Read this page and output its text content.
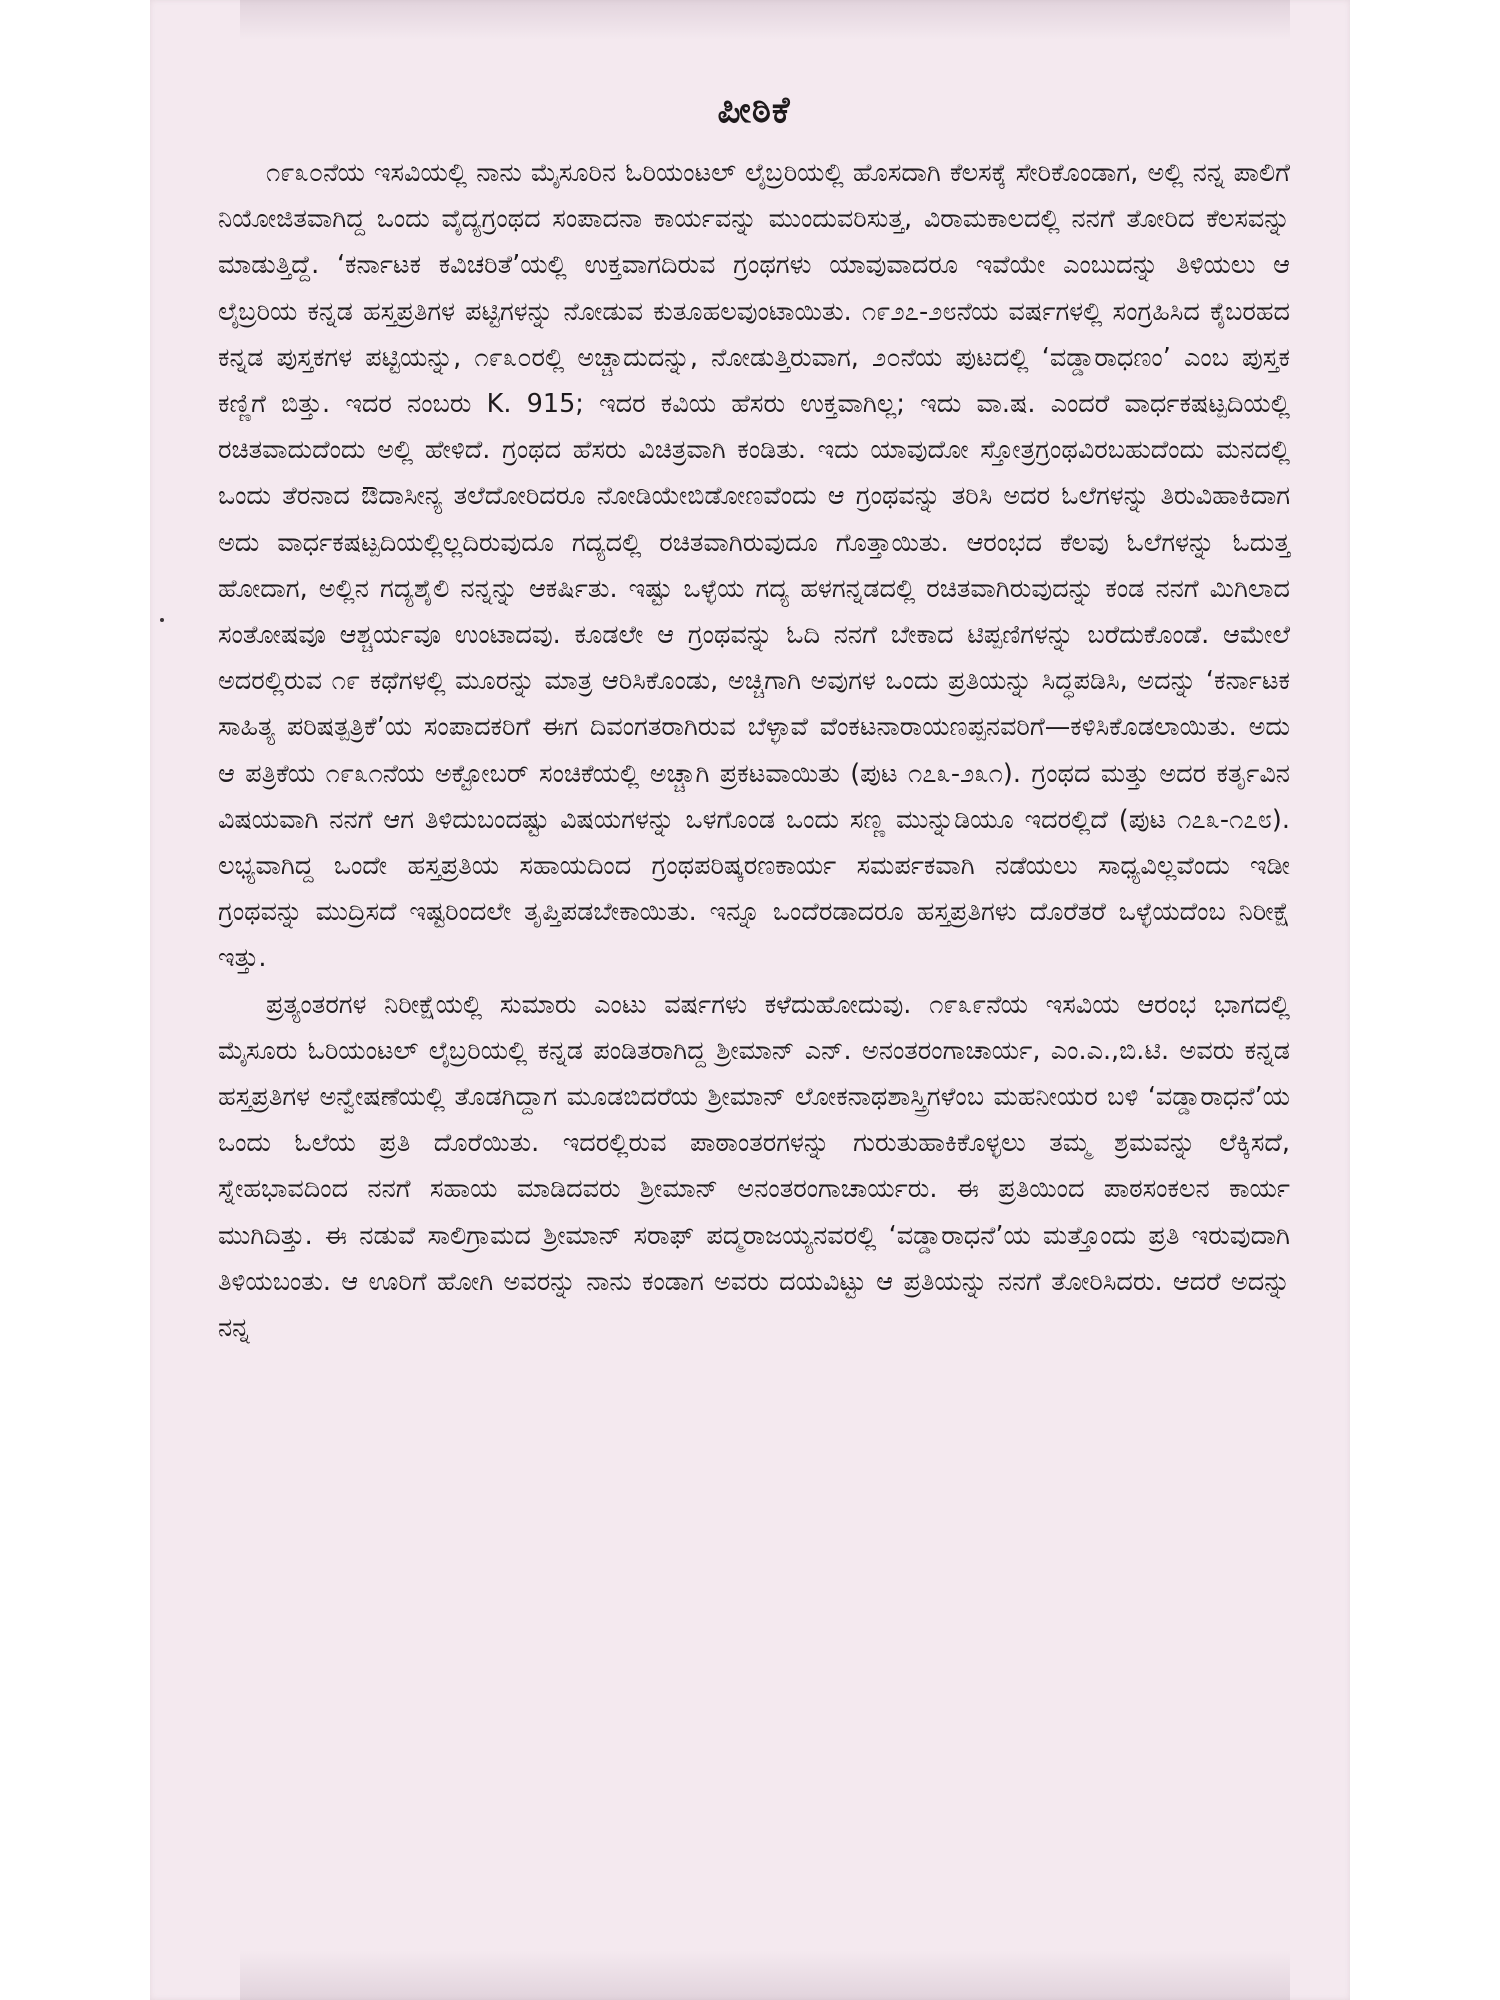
ಪೀಠಿಕೆ

೧೯೩೦ನೆಯ ಇಸವಿಯಲ್ಲಿ ನಾನು ಮೈಸೂರಿನ ಓರಿಯಂಟಲ್ ಲೈಬ್ರರಿಯಲ್ಲಿ ಹೊಸದಾಗಿ ಕೆಲಸಕ್ಕೆ ಸೇರಿಕೊಂಡಾಗ, ಅಲ್ಲಿ ನನ್ನ ಪಾಲಿಗೆ ನಿಯೋಜಿತವಾಗಿದ್ದ ಒಂದು ವೈದ್ಯಗ್ರಂಥದ ಸಂಪಾದನಾ ಕಾರ್ಯವನ್ನು ಮುಂದುವರಿಸುತ್ತ, ವಿರಾಮಕಾಲದಲ್ಲಿ ನನಗೆ ತೋರಿದ ಕೆಲಸವನ್ನು ಮಾಡುತ್ತಿದ್ದೆ. ‘ಕರ್ನಾಟಕ ಕವಿಚರಿತೆ’ಯಲ್ಲಿ ಉಕ್ತವಾಗದಿರುವ ಗ್ರಂಥಗಳು ಯಾವುವಾದರೂ ಇವೆಯೇ ಎಂಬುದನ್ನು ತಿಳಿಯಲು ಆ ಲೈಬ್ರರಿಯ ಕನ್ನಡ ಹಸ್ತಪ್ರತಿಗಳ ಪಟ್ಟಿಗಳನ್ನು ನೋಡುವ ಕುತೂಹಲವುಂಟಾಯಿತು. ೧೯೨೭-೨೮ನೆಯ ವರ್ಷಗಳಲ್ಲಿ ಸಂಗ್ರಹಿಸಿದ ಕೈಬರಹದ ಕನ್ನಡ ಪುಸ್ತಕಗಳ ಪಟ್ಟಿಯನ್ನು, ೧೯೩೦ರಲ್ಲಿ ಅಚ್ಚಾದುದನ್ನು, ನೋಡುತ್ತಿರುವಾಗ, ೨೦ನೆಯ ಪುಟದಲ್ಲಿ ‘ವಡ್ಡಾರಾಧಣಂ’ ಎಂಬ ಪುಸ್ತಕ ಕಣ್ಣಿಗೆ ಬಿತ್ತು. ಇದರ ನಂಬರು K. 915; ಇದರ ಕವಿಯ ಹೆಸರು ಉಕ್ತವಾಗಿಲ್ಲ; ಇದು ವಾ.ಷ. ಎಂದರೆ ವಾರ್ಧಕಷಟ್ಪದಿಯಲ್ಲಿ ರಚಿತವಾದುದೆಂದು ಅಲ್ಲಿ ಹೇಳಿದೆ. ಗ್ರಂಥದ ಹೆಸರು ವಿಚಿತ್ರವಾಗಿ ಕಂಡಿತು. ಇದು ಯಾವುದೋ ಸ್ತೋತ್ರಗ್ರಂಥವಿರಬಹುದೆಂದು ಮನದಲ್ಲಿ ಒಂದು ತೆರನಾದ ಔದಾಸೀನ್ಯ ತಲೆದೋರಿದರೂ ನೋಡಿಯೇಬಿಡೋಣವೆಂದು ಆ ಗ್ರಂಥವನ್ನು ತರಿಸಿ ಅದರ ಓಲೆಗಳನ್ನು ತಿರುವಿಹಾಕಿದಾಗ ಅದು ವಾರ್ಧಕಷಟ್ಪದಿಯಲ್ಲಿಲ್ಲದಿರುವುದೂ ಗದ್ಯದಲ್ಲಿ ರಚಿತವಾಗಿರುವುದೂ ಗೊತ್ತಾಯಿತು. ಆರಂಭದ ಕೆಲವು ಓಲೆಗಳನ್ನು ಓದುತ್ತ ಹೋದಾಗ, ಅಲ್ಲಿನ ಗದ್ಯಶೈಲಿ ನನ್ನನ್ನು ಆಕರ್ಷಿತು. ಇಷ್ಟು ಒಳ್ಳೆಯ ಗದ್ಯ ಹಳಗನ್ನಡದಲ್ಲಿ ರಚಿತವಾಗಿರುವುದನ್ನು ಕಂಡ ನನಗೆ ಮಿಗಿಲಾದ ಸಂತೋಷವೂ ಆಶ್ಚರ್ಯವೂ ಉಂಟಾದವು. ಕೂಡಲೇ ಆ ಗ್ರಂಥವನ್ನು ಓದಿ ನನಗೆ ಬೇಕಾದ ಟಿಪ್ಪಣಿಗಳನ್ನು ಬರೆದುಕೊಂಡೆ. ಆಮೇಲೆ ಅದರಲ್ಲಿರುವ ೧೯ ಕಥೆಗಳಲ್ಲಿ ಮೂರನ್ನು ಮಾತ್ರ ಆರಿಸಿಕೊಂಡು, ಅಚ್ಚಿಗಾಗಿ ಅವುಗಳ ಒಂದು ಪ್ರತಿಯನ್ನು ಸಿದ್ಧಪಡಿಸಿ, ಅದನ್ನು ‘ಕರ್ನಾಟಕ ಸಾಹಿತ್ಯ ಪರಿಷತ್ಪತ್ರಿಕೆ’ಯ ಸಂಪಾದಕರಿಗೆ ಈಗ ದಿವಂಗತರಾಗಿರುವ ಬೆಳ್ಳಾವೆ ವೆಂಕಟನಾರಾಯಣಪ್ಪನವರಿಗೆ—ಕಳಿಸಿಕೊಡಲಾಯಿತು. ಅದು ಆ ಪತ್ರಿಕೆಯ ೧೯೩೧ನೆಯ ಅಕ್ಟೋಬರ್ ಸಂಚಿಕೆಯಲ್ಲಿ ಅಚ್ಚಾಗಿ ಪ್ರಕಟವಾಯಿತು (ಪುಟ ೧೭೩-೨೩೧). ಗ್ರಂಥದ ಮತ್ತು ಅದರ ಕರ್ತೃವಿನ ವಿಷಯವಾಗಿ ನನಗೆ ಆಗ ತಿಳಿದುಬಂದಷ್ಟು ವಿಷಯಗಳನ್ನು ಒಳಗೊಂಡ ಒಂದು ಸಣ್ಣ ಮುನ್ನುಡಿಯೂ ಇದರಲ್ಲಿದೆ (ಪುಟ ೧೭೩-೧೭೮). ಲಭ್ಯವಾಗಿದ್ದ ಒಂದೇ ಹಸ್ತಪ್ರತಿಯ ಸಹಾಯದಿಂದ ಗ್ರಂಥಪರಿಷ್ಕರಣಕಾರ್ಯ ಸಮರ್ಪಕವಾಗಿ ನಡೆಯಲು ಸಾಧ್ಯವಿಲ್ಲವೆಂದು ಇಡೀ ಗ್ರಂಥವನ್ನು ಮುದ್ರಿಸದೆ ಇಷ್ಟರಿಂದಲೇ ತೃಪ್ತಿಪಡಬೇಕಾಯಿತು. ಇನ್ನೂ ಒಂದೆರಡಾದರೂ ಹಸ್ತಪ್ರತಿಗಳು ದೊರೆತರೆ ಒಳ್ಳೆಯದೆಂಬ ನಿರೀಕ್ಷೆ ಇತ್ತು.

ಪ್ರತ್ಯಂತರಗಳ ನಿರೀಕ್ಷೆಯಲ್ಲಿ ಸುಮಾರು ಎಂಟು ವರ್ಷಗಳು ಕಳೆದುಹೋದುವು. ೧೯೩೯ನೆಯ ಇಸವಿಯ ಆರಂಭ ಭಾಗದಲ್ಲಿ ಮೈಸೂರು ಓರಿಯಂಟಲ್ ಲೈಬ್ರರಿಯಲ್ಲಿ ಕನ್ನಡ ಪಂಡಿತರಾಗಿದ್ದ ಶ್ರೀಮಾನ್ ಎನ್. ಅನಂತರಂಗಾಚಾರ್ಯ, ಎಂ.ಎ.,ಬಿ.ಟಿ. ಅವರು ಕನ್ನಡ ಹಸ್ತಪ್ರತಿಗಳ ಅನ್ವೇಷಣೆಯಲ್ಲಿ ತೊಡಗಿದ್ದಾಗ ಮೂಡಬಿದರೆಯ ಶ್ರೀಮಾನ್ ಲೋಕನಾಥಶಾಸ್ತ್ರಿಗಳೆಂಬ ಮಹನೀಯರ ಬಳಿ ‘ವಡ್ಡಾರಾಧನೆ’ಯ ಒಂದು ಓಲೆಯ ಪ್ರತಿ ದೊರೆಯಿತು. ಇದರಲ್ಲಿರುವ ಪಾಠಾಂತರಗಳನ್ನು ಗುರುತುಹಾಕಿಕೊಳ್ಳಲು ತಮ್ಮ ಶ್ರಮವನ್ನು ಲೆಕ್ಕಿಸದೆ, ಸ್ನೇಹಭಾವದಿಂದ ನನಗೆ ಸಹಾಯ ಮಾಡಿದವರು ಶ್ರೀಮಾನ್ ಅನಂತರಂಗಾಚಾರ್ಯರು. ಈ ಪ್ರತಿಯಿಂದ ಪಾಠಸಂಕಲನ ಕಾರ್ಯ ಮುಗಿದಿತ್ತು. ಈ ನಡುವೆ ಸಾಲಿಗ್ರಾಮದ ಶ್ರೀಮಾನ್ ಸರಾಫ್ ಪದ್ಮರಾಜಯ್ಯನವರಲ್ಲಿ ‘ವಡ್ಡಾರಾಧನೆ’ಯ ಮತ್ತೊಂದು ಪ್ರತಿ ಇರುವುದಾಗಿ ತಿಳಿಯಬಂತು. ಆ ಊರಿಗೆ ಹೋಗಿ ಅವರನ್ನು ನಾನು ಕಂಡಾಗ ಅವರು ದಯವಿಟ್ಟು ಆ ಪ್ರತಿಯನ್ನು ನನಗೆ ತೋರಿಸಿದರು. ಆದರೆ ಅದನ್ನು ನನ್ನ
